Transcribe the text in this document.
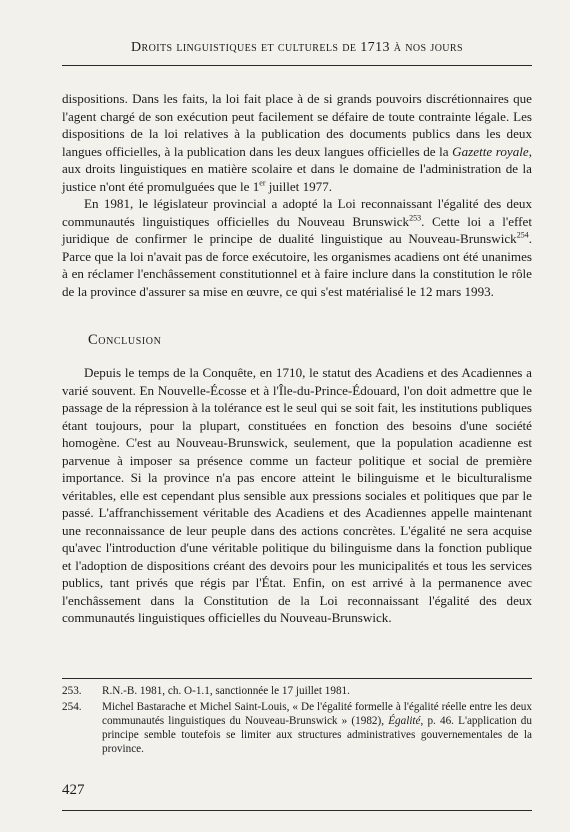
Droits linguistiques et culturels de 1713 à nos jours

dispositions. Dans les faits, la loi fait place à de si grands pouvoirs discrétionnaires que l'agent chargé de son exécution peut facilement se défaire de toute contrainte légale. Les dispositions de la loi relatives à la publication des documents publics dans les deux langues officielles, à la publication dans les deux langues officielles de la Gazette royale, aux droits linguistiques en matière scolaire et dans le domaine de l'administration de la justice n'ont été promulguées que le 1er juillet 1977.

En 1981, le législateur provincial a adopté la Loi reconnaissant l'égalité des deux communautés linguistiques officielles du Nouveau Brunswick$^{253}$. Cette loi a l'effet juridique de confirmer le principe de dualité linguistique au Nouveau-Brunswick$^{254}$. Parce que la loi n'avait pas de force exécutoire, les organismes acadiens ont été unanimes à en réclamer l'enchâssement constitutionnel et à faire inclure dans la constitution le rôle de la province d'assurer sa mise en œuvre, ce qui s'est matérialisé le 12 mars 1993.

Conclusion

Depuis le temps de la Conquête, en 1710, le statut des Acadiens et des Acadiennes a varié souvent. En Nouvelle-Écosse et à l'Île-du-Prince-Édouard, l'on doit admettre que le passage de la répression à la tolérance est le seul qui se soit fait, les institutions publiques étant toujours, pour la plupart, constituées en fonction des besoins d'une société homogène. C'est au Nouveau-Brunswick, seulement, que la population acadienne est parvenue à imposer sa présence comme un facteur politique et social de première importance. Si la province n'a pas encore atteint le bilinguisme et le biculturalisme véritables, elle est cependant plus sensible aux pressions sociales et politiques que par le passé. L'affranchissement véritable des Acadiens et des Acadiennes appelle maintenant une reconnaissance de leur peuple dans des actions concrètes. L'égalité ne sera acquise qu'avec l'introduction d'une véritable politique du bilinguisme dans la fonction publique et l'adoption de dispositions créant des devoirs pour les municipalités et tous les services publics, tant privés que régis par l'État. Enfin, on est arrivé à la permanence avec l'enchâssement dans la Constitution de la Loi reconnaissant l'égalité des deux communautés linguistiques officielles du Nouveau-Brunswick.

253.	R.N.-B. 1981, ch. O-1.1, sanctionnée le 17 juillet 1981.
254.	Michel Bastarache et Michel Saint-Louis, « De l'égalité formelle à l'égalité réelle entre les deux communautés linguistiques du Nouveau-Brunswick » (1982), Égalité, p. 46. L'application du principe semble toutefois se limiter aux structures administratives gouvernementales de la province.
427
